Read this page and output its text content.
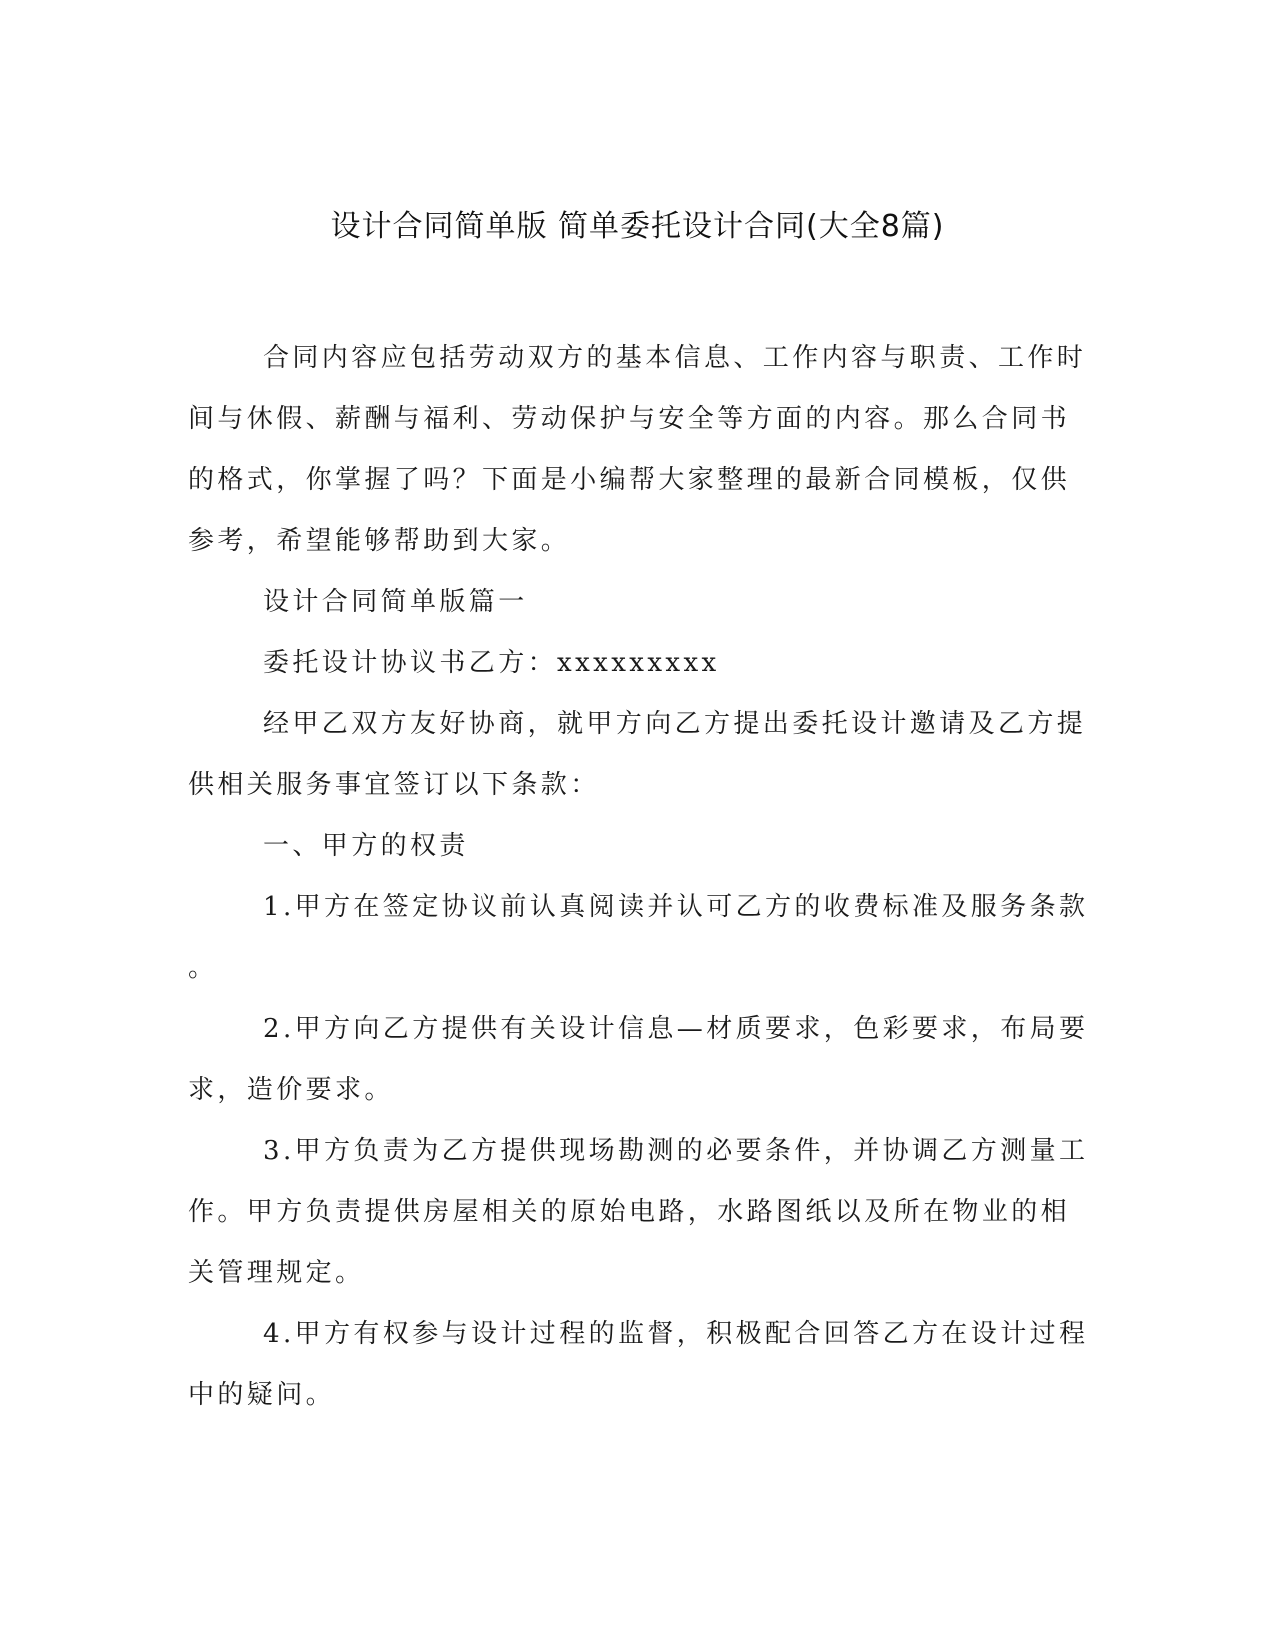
设计合同简单版 简单委托设计合同(大全8篇)

合同内容应包括劳动双方的基本信息、工作内容与职责、工作时
间与休假、薪酬与福利、劳动保护与安全等方面的内容。那么合同书
的格式，你掌握了吗？下面是小编帮大家整理的最新合同模板，仅供
参考，希望能够帮助到大家。

设计合同简单版篇一

委托设计协议书乙方：xxxxxxxxx

经甲乙双方友好协商，就甲方向乙方提出委托设计邀请及乙方提
供相关服务事宜签订以下条款：

一、甲方的权责

1.甲方在签定协议前认真阅读并认可乙方的收费标准及服务条款
。

2.甲方向乙方提供有关设计信息—材质要求，色彩要求，布局要
求，造价要求。

3.甲方负责为乙方提供现场勘测的必要条件，并协调乙方测量工
作。甲方负责提供房屋相关的原始电路，水路图纸以及所在物业的相
关管理规定。

4.甲方有权参与设计过程的监督，积极配合回答乙方在设计过程
中的疑问。
